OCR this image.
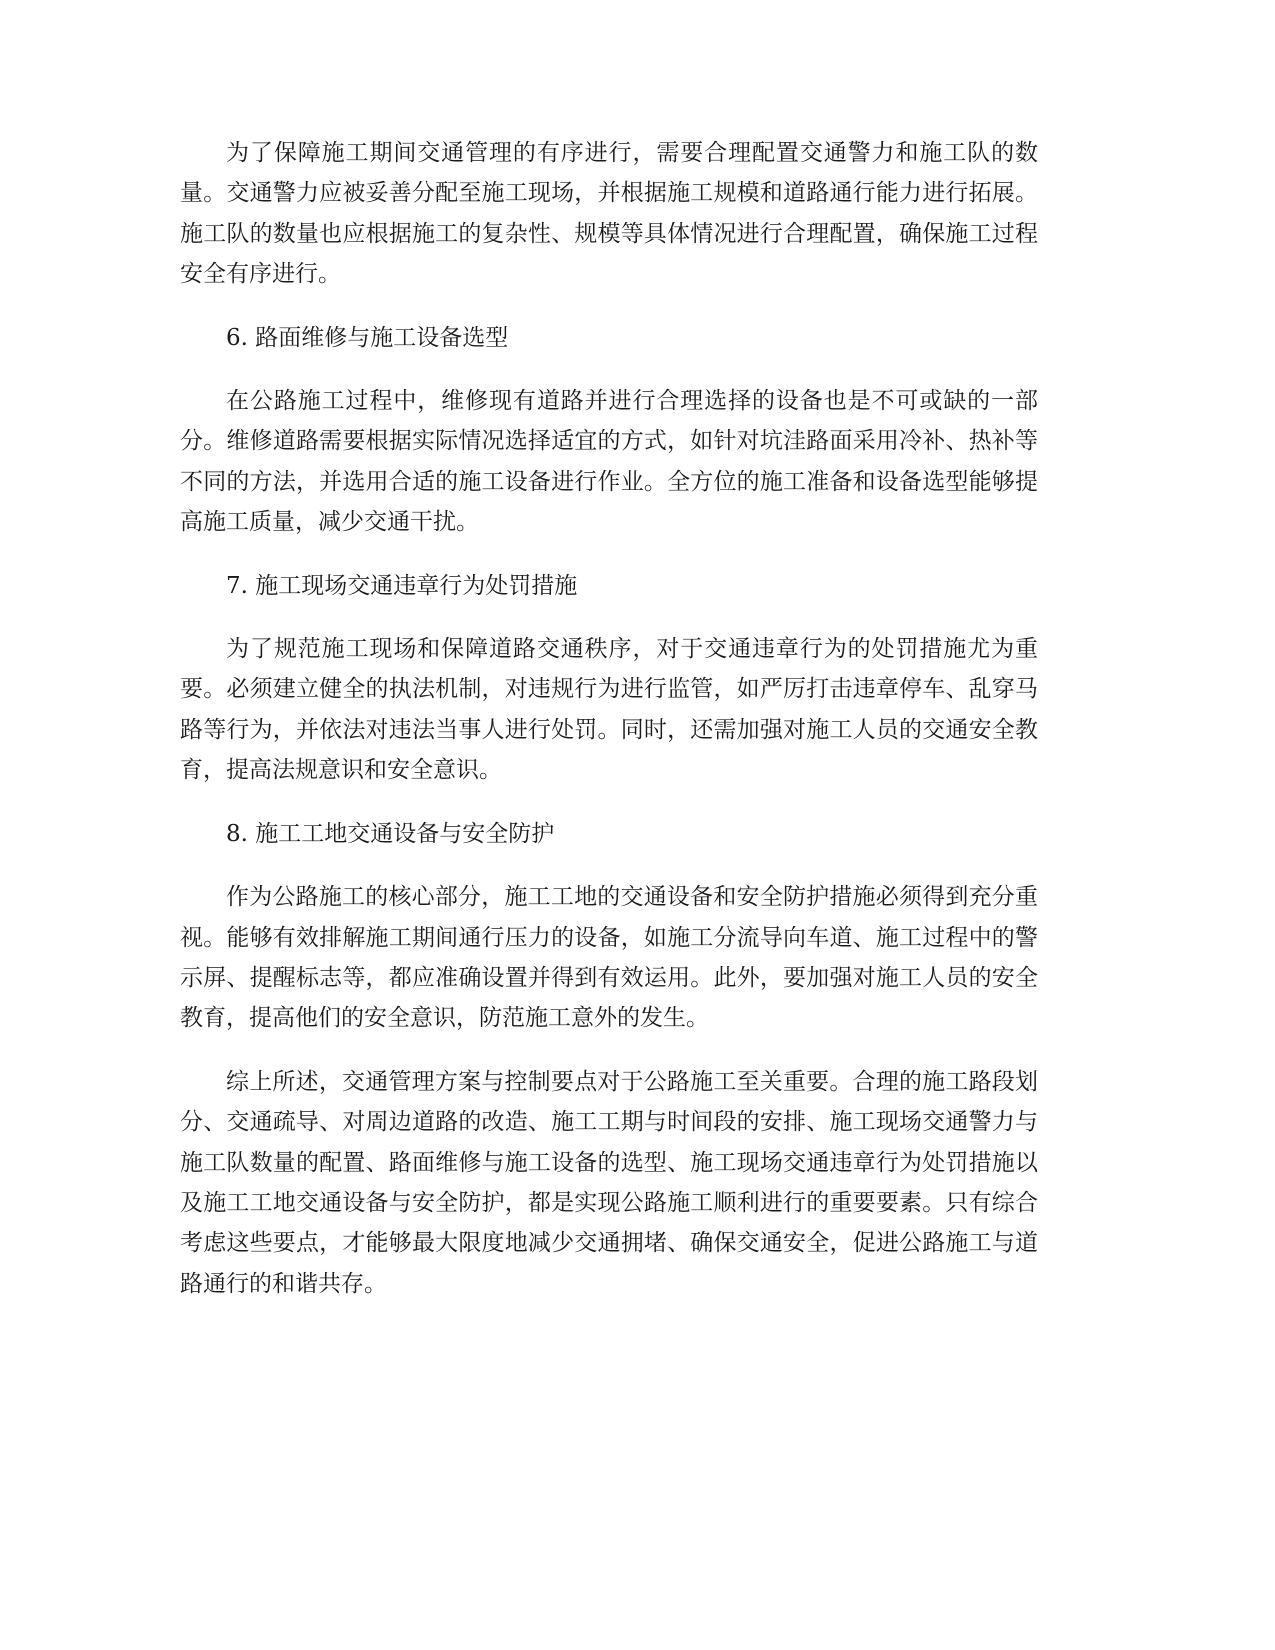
为了保障施工期间交通管理的有序进行，需要合理配置交通警力和施工队的数量。交通警力应被妥善分配至施工现场，并根据施工规模和道路通行能力进行拓展。施工队的数量也应根据施工的复杂性、规模等具体情况进行合理配置，确保施工过程安全有序进行。

6. 路面维修与施工设备选型

在公路施工过程中，维修现有道路并进行合理选择的设备也是不可或缺的一部分。维修道路需要根据实际情况选择适宜的方式，如针对坑洼路面采用冷补、热补等不同的方法，并选用合适的施工设备进行作业。全方位的施工准备和设备选型能够提高施工质量，减少交通干扰。

7. 施工现场交通违章行为处罚措施

为了规范施工现场和保障道路交通秩序，对于交通违章行为的处罚措施尤为重要。必须建立健全的执法机制，对违规行为进行监管，如严厉打击违章停车、乱穿马路等行为，并依法对违法当事人进行处罚。同时，还需加强对施工人员的交通安全教育，提高法规意识和安全意识。

8. 施工工地交通设备与安全防护

作为公路施工的核心部分，施工工地的交通设备和安全防护措施必须得到充分重视。能够有效排解施工期间通行压力的设备，如施工分流导向车道、施工过程中的警示屏、提醒标志等，都应准确设置并得到有效运用。此外，要加强对施工人员的安全教育，提高他们的安全意识，防范施工意外的发生。

综上所述，交通管理方案与控制要点对于公路施工至关重要。合理的施工路段划分、交通疏导、对周边道路的改造、施工工期与时间段的安排、施工现场交通警力与施工队数量的配置、路面维修与施工设备的选型、施工现场交通违章行为处罚措施以及施工工地交通设备与安全防护，都是实现公路施工顺利进行的重要要素。只有综合考虑这些要点，才能够最大限度地减少交通拥堵、确保交通安全，促进公路施工与道路通行的和谐共存。
